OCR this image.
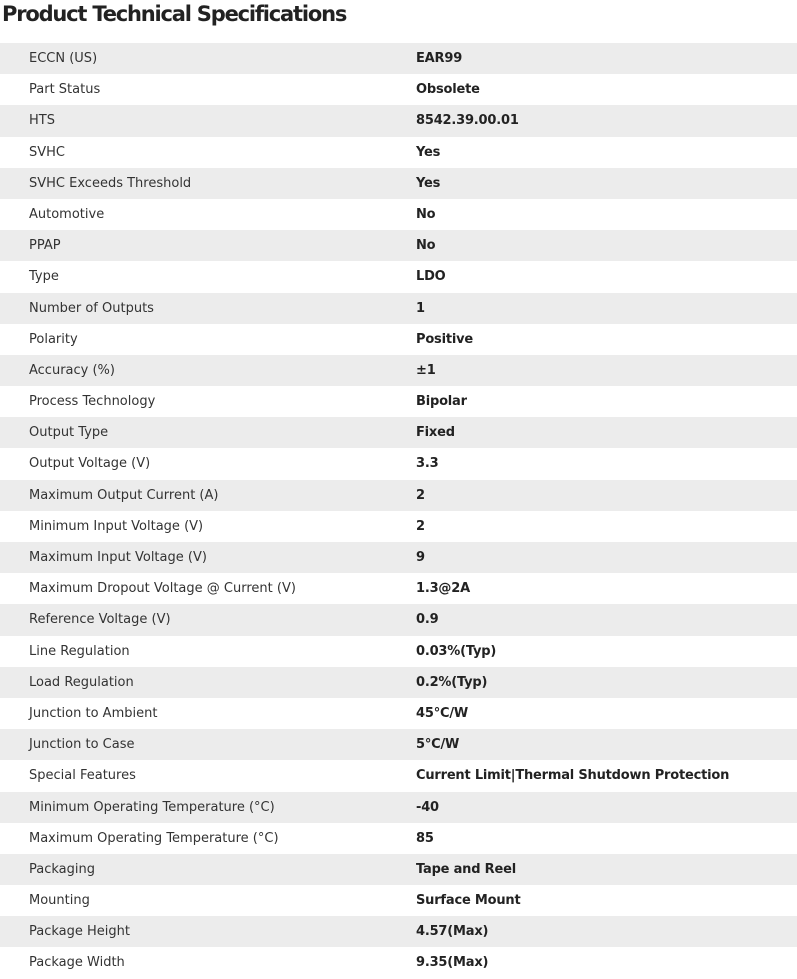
Product Technical Specifications
ECCN (US)	EAR99
Part Status	Obsolete
HTS	8542.39.00.01
SVHC	Yes
SVHC Exceeds Threshold	Yes
Automotive	No
PPAP	No
Type	LDO
Number of Outputs	1
Polarity	Positive
Accuracy (%)	±1
Process Technology	Bipolar
Output Type	Fixed
Output Voltage (V)	3.3
Maximum Output Current (A)	2
Minimum Input Voltage (V)	2
Maximum Input Voltage (V)	9
Maximum Dropout Voltage @ Current (V)	1.3@2A
Reference Voltage (V)	0.9
Line Regulation	0.03%(Typ)
Load Regulation	0.2%(Typ)
Junction to Ambient	45°C/W
Junction to Case	5°C/W
Special Features	Current Limit|Thermal Shutdown Protection
Minimum Operating Temperature (°C)	-40
Maximum Operating Temperature (°C)	85
Packaging	Tape and Reel
Mounting	Surface Mount
Package Height	4.57(Max)
Package Width	9.35(Max)
